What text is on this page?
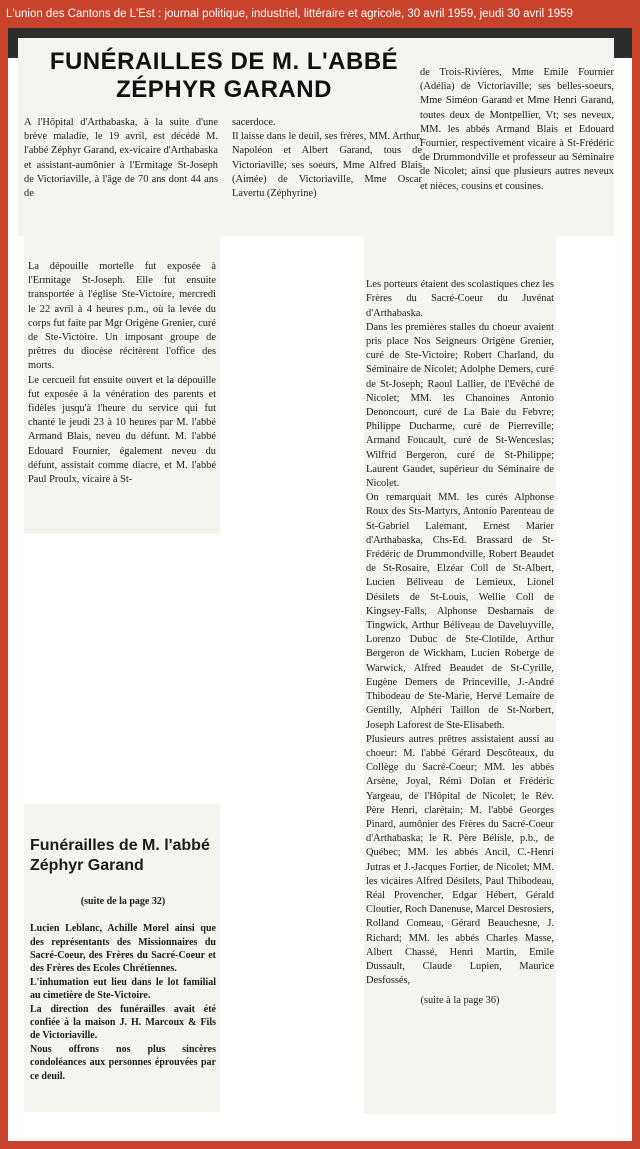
L'union des Cantons de L'Est : journal politique, industriel, littéraire et agricole, 30 avril 1959, jeudi 30 avril 1959
FUNÉRAILLES DE M. L'ABBÉ
ZÉPHYR GARAND
A l'Hôpital d'Arthabaska, à la suite d'une brève maladie, le 19 avril, est décédé M. l'abbé Zéphyr Garand, ex-vicaire d'Arthabaska et assistant-aumônier à l'Ermitage St-Joseph de Victoriaville, à l'âge de 70 ans dont 44 ans de
sacerdoce.
Il laisse dans le deuil, ses frères, MM. Arthur, Napoléon et Albert Garand, tous de Victoriaville; ses soeurs, Mme Alfred Blais (Aimée) de Victoriaville, Mme Oscar Lavertu (Zéphyrine)
de Trois-Rivières, Mme Emile Fournier (Adélia) de Victoriaville; ses belles-soeurs, Mme Siméon Garand et Mme Henri Garand, toutes deux de Montpellier, Vt; ses neveux, MM. les abbés Armand Blais et Edouard Fournier, respectivement vicaire à St-Frédéric de Drummondville et professeur au Séminaire de Nicolet; ainsi que plusieurs autres neveux et nièces, cousins et cousines.
La dépouille mortelle fut exposée à l'Ermitage St-Joseph. Elle fut ensuite transportée à l'église Ste-Victoire, mercredi le 22 avril à 4 heures p.m., où la levée du corps fut faite par Mgr Origène Grenier, curé de Ste-Victoire. Un imposant groupe de prêtres du diocèse récitèrent l'office des morts.
Le cercueil fut ensuite ouvert et la dépouille fut exposée à la vénération des parents et fidèles jusqu'à l'heure du service qui fut chanté le jeudi 23 à 10 heures par M. l'abbé Armand Blais, neveu du défunt. M. l'abbé Edouard Fournier, également neveu du défunt, assistait comme diacre, et M. l'abbé Paul Proulx, vicaire à St-

Les porteurs étaient des scolastiques chez les Frères du Sacré-Coeur du Juvénat d'Arthabaska.
Dans les premières stalles du choeur avaient pris place Nos Seigneurs Origène Grenier, curé de Ste-Victoire; Robert Charland, du Séminaire de Nicolet; Adolphe Demers, curé de St-Joseph; Raoul Lallier, de l'Evêché de Nicolet; MM. les Chanoines Antonio Denoncourt, curé de La Baie du Febvre; Philippe Ducharme, curé de Pierreville; Armand Foucault, curé de St-Wenceslas; Wilfrid Bergeron, curé de St-Philippe; Laurent Gaudet, supérieur du Séminaire de Nicolet.
On remarquait MM. les curés Alphonse Roux des Sts-Martyrs, Antonio Parenteau de St-Gabriel Lalemant, Ernest Marier d'Arthabaska, Chs-Ed. Brassard de St-Frédéric de Drummondville, Robert Beaudet de St-Rosaire, Elzéar Coll de St-Albert, Lucien Béliveau de Lemieux, Lionel Désilets de St-Louis, Wellie Coll de Kingsey-Falls, Alphonse Desharnais de Tingwick, Arthur Béliveau de Daveluyville, Lorenzo Dubuc de Ste-Clotilde, Arthur Bergeron de Wickham, Lucien Roberge de Warwick, Alfred Beaudet de St-Cyrille, Eugène Demers de Princeville, J.-André Thibodeau de Ste-Marie, Hervé Lemaire de Gentilly, Alphéri Taillon de St-Norbert, Joseph Laforest de Ste-Elisabeth.
Plusieurs autres prêtres assistaient aussi au choeur: M. l'abbé Gérard Descôteaux, du Collège du Sacré-Coeur; MM. les abbés Arsène, Joyal, Rémi Dolan et Frédéric Yargeau, de l'Hôpital de Nicolet; le Rév. Père Henri, clarétain; M. l'abbé Georges Pinard, aumônier des Frères du Sacré-Coeur d'Arthabaska; le R. Père Bélisle, p.b., de Québec; MM. les abbés Ancil, C.-Henri Jutras et J.-Jacques Fortier, de Nicolet; MM. les vicaires Alfred Désilets, Paul Thibodeau, Réal Provencher, Edgar Hébert, Gérald Cloutier, Roch Danenuse, Marcel Desrosiers, Rolland Comeau, Gérard Beauchesne, J. Richard; MM. les abbés Charles Masse, Albert Chassé, Henri Martin, Emile Dussault, Claude Lupien, Maurice Desfossés,

(suite à la page 36)

Funérailles de M. l'abbé
Zéphyr Garand

(suite de la page 32)

Lucien Leblanc, Achille Morel ainsi que des représentants des Missionnaires du Sacré-Coeur, des Frères du Sacré-Coeur et des Frères des Ecoles Chrétiennes.
L'inhumation eut lieu dans le lot familial au cimetière de Ste-Victoire.
La direction des funérailles avait été confiée à la maison J. H. Marcoux & Fils de Victoriaville.
Nous offrons nos plus sincères condoléances aux personnes éprouvées par ce deuil.
